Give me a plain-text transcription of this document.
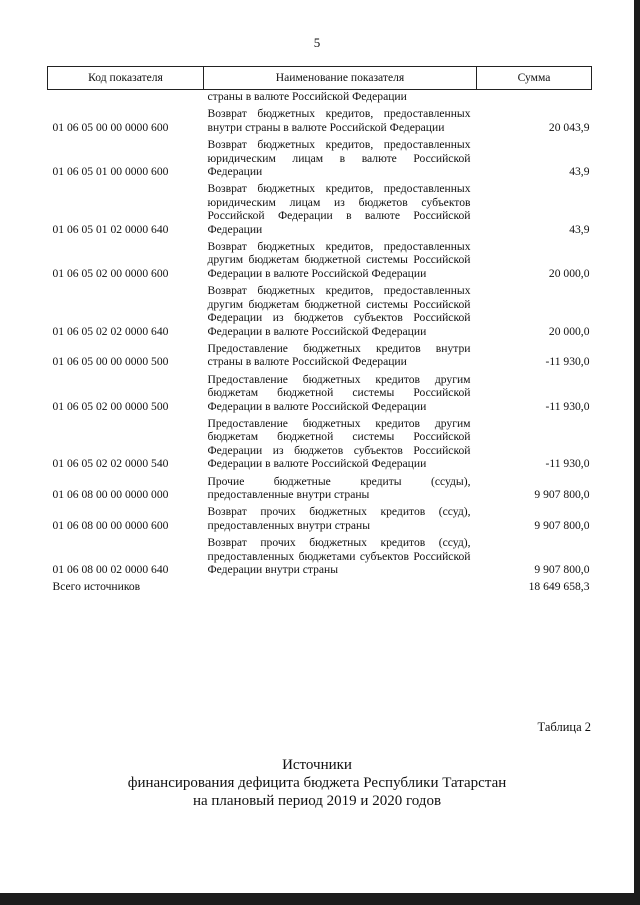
5
Код показателя	Наименование показателя	Сумма
	страны в валюте Российской Федерации	
01 06 05 00 00 0000 600	Возврат бюджетных кредитов, предоставленных внутри страны в валюте Российской Федерации	20 043,9
01 06 05 01 00 0000 600	Возврат бюджетных кредитов, предоставленных юридическим лицам в валюте Российской Федерации	43,9
01 06 05 01 02 0000 640	Возврат бюджетных кредитов, предоставленных юридическим лицам из бюджетов субъектов Российской Федерации в валюте Российской Федерации	43,9
01 06 05 02 00 0000 600	Возврат бюджетных кредитов, предоставленных другим бюджетам бюджетной системы Российской Федерации в валюте Российской Федерации	20 000,0
01 06 05 02 02 0000 640	Возврат бюджетных кредитов, предоставленных другим бюджетам бюджетной системы Российской Федерации из бюджетов субъектов Российской Федерации в валюте Российской Федерации	20 000,0
01 06 05 00 00 0000 500	Предоставление бюджетных кредитов внутри страны в валюте Российской Федерации	-11 930,0
01 06 05 02 00 0000 500	Предоставление бюджетных кредитов другим бюджетам бюджетной системы Российской Федерации в валюте Российской Федерации	-11 930,0
01 06 05 02 02 0000 540	Предоставление бюджетных кредитов другим бюджетам бюджетной системы Российской Федерации из бюджетов субъектов Российской Федерации в валюте Российской Федерации	-11 930,0
01 06 08 00 00 0000 000	Прочие бюджетные кредиты (ссуды), предоставленные внутри страны	9 907 800,0
01 06 08 00 00 0000 600	Возврат прочих бюджетных кредитов (ссуд), предоставленных внутри страны	9 907 800,0
01 06 08 00 02 0000 640	Возврат прочих бюджетных кредитов (ссуд), предоставленных бюджетами субъектов Российской Федерации внутри страны	9 907 800,0
Всего источников		18 649 658,3
Таблица 2
Источники
финансирования дефицита бюджета Республики Татарстан
на плановый период 2019 и 2020 годов
